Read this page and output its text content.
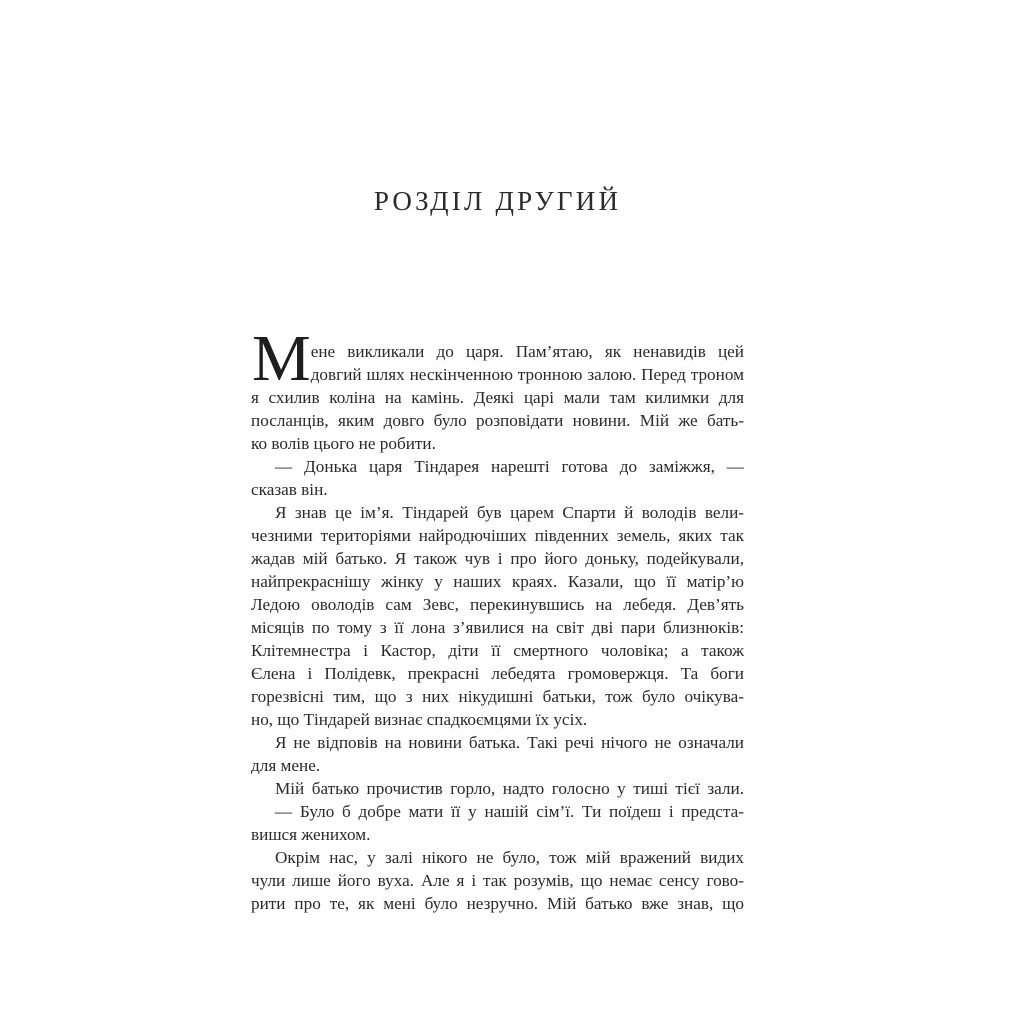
РОЗДІЛ ДРУГИЙ
М ене викликали до царя. Пам’ятаю, як ненавидів цей
довгий шлях нескінченною тронною залою. Перед троном
я схилив коліна на камінь. Деякі царі мали там килимки для
посланців, яким довго було розповідати новини. Мій же бать-
ко волів цього не робити.
— Донька царя Тіндарея нарешті готова до заміжжя, —
сказав він.
Я знав це ім’я. Тіндарей був царем Спарти й володів вели-
чезними територіями найродючіших південних земель, яких так
жадав мій батько. Я також чув і про його доньку, подейкували,
найпрекраснішу жінку у наших краях. Казали, що її матір’ю
Ледою оволодів сам Зевс, перекинувшись на лебедя. Дев’ять
місяців по тому з її лона з’явилися на світ дві пари близнюків:
Клітемнестра і Кастор, діти її смертного чоловіка; а також
Єлена і Полідевк, прекрасні лебедята громовержця. Та боги
горезвісні тим, що з них нікудишні батьки, тож було очікува-
но, що Тіндарей визнає спадкоємцями їх усіх.
Я не відповів на новини батька. Такі речі нічого не означали
для мене.
Мій батько прочистив горло, надто голосно у тиші тієї зали.
— Було б добре мати її у нашій сім’ї. Ти поїдеш і предста-
вишся женихом.
Окрім нас, у залі нікого не було, тож мій вражений видих
чули лише його вуха. Але я і так розумів, що немає сенсу гово-
рити про те, як мені було незручно. Мій батько вже знав, що
